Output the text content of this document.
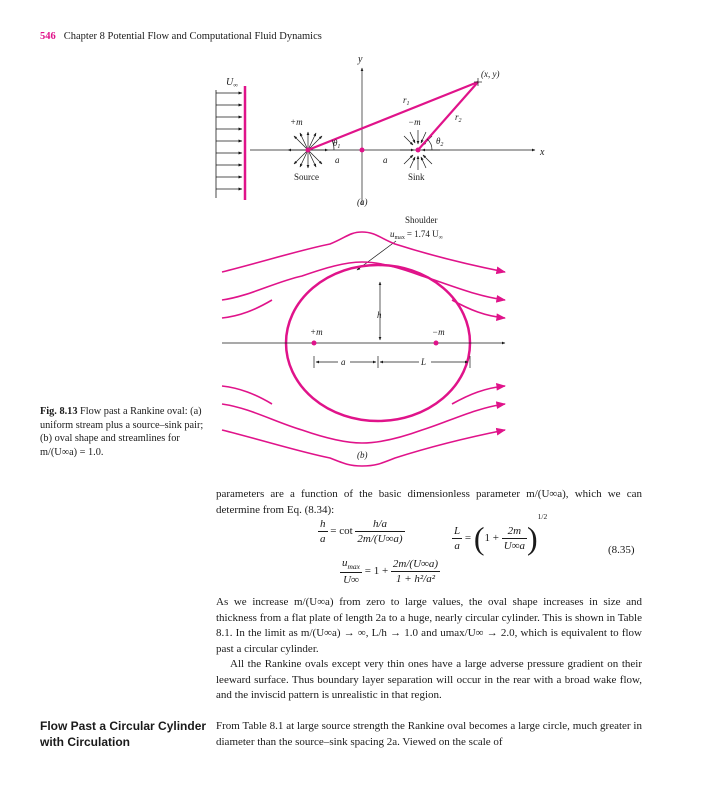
546 Chapter 8 Potential Flow and Computational Fluid Dynamics
$U_\infty$
y
x
(x, y)
$r_1$
$r_2$
$\theta_1$
$\theta_2$
+m	−m
a	a
Source	Sink
(a)
Shoulder
$u_{max} = 1.74$ $U_\infty$
h
+m	−m
a	L
(b)
Fig. 8.13 Flow past a Rankine oval: (a) uniform stream plus a source–sink pair; (b) oval shape and streamlines for m/(U∞a) = 1.0.
parameters are a function of the basic dimensionless parameter m/(U∞a), which we can determine from Eq. (8.34):
$\frac{h}{a} = \cot \frac{h/a}{2m/(U\infty a)}$	$\frac{L}{a} = (1 + \frac{2m}{U\infty a} )^{1/2}$
$\frac{u_{max}}{U\infty} = 1 + \frac{2m/(U\infty a)}{\text{1 + h²/a²}}$
(8.35)
As we increase m/(U∞a) from zero to large values, the oval shape increases in size and thickness from a flat plate of length 2a to a huge, nearly circular cylinder. This is shown in Table 8.1. In the limit as m/(U∞a) → ∞, L/h → 1.0 and umax/U∞ → 2.0, which is equivalent to flow past a circular cylinder.
All the Rankine ovals except very thin ones have a large adverse pressure gradient on their leeward surface. Thus boundary layer separation will occur in the rear with a broad wake flow, and the inviscid pattern is unrealistic in that region.
Flow Past a Circular Cylinder with Circulation
From Table 8.1 at large source strength the Rankine oval becomes a large circle, much greater in diameter than the source–sink spacing 2a. Viewed on the scale of
